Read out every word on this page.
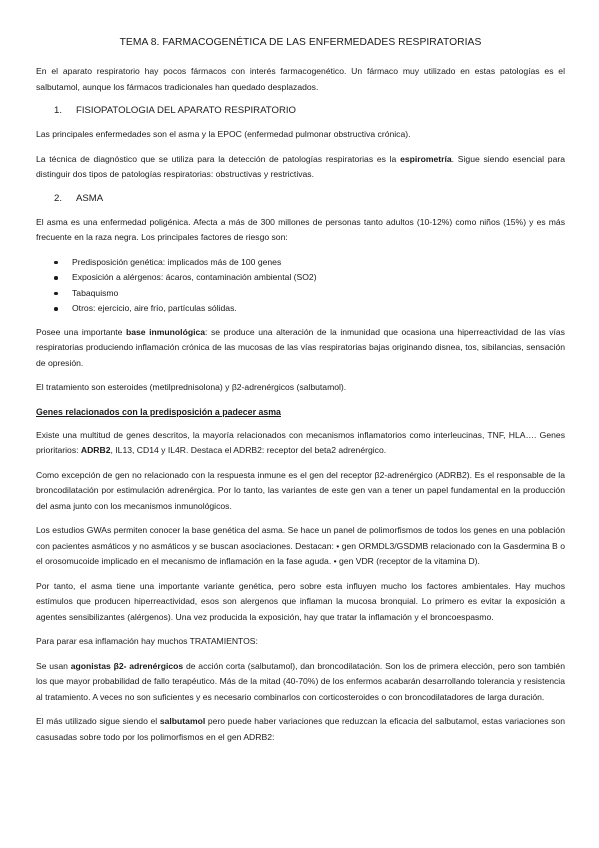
TEMA 8. FARMACOGENÉTICA DE LAS ENFERMEDADES RESPIRATORIAS

En el aparato respiratorio hay pocos fármacos con interés farmacogenético. Un fármaco muy utilizado en estas patologías es el salbutamol, aunque los fármacos tradicionales han quedado desplazados.

1.	FISIOPATOLOGIA DEL APARATO RESPIRATORIO

Las principales enfermedades son el asma y la EPOC (enfermedad pulmonar obstructiva crónica).

La técnica de diagnóstico que se utiliza para la detección de patologías respiratorias es la espirometría. Sigue siendo esencial para distinguir dos tipos de patologías respiratorias: obstructivas y restrictivas.

2.	ASMA

El asma es una enfermedad poligénica. Afecta a más de 300 millones de personas tanto adultos (10-12%) como niños (15%) y es más frecuente en la raza negra. Los principales factores de riesgo son:

Predisposición genética: implicados más de 100 genes
Exposición a alérgenos: ácaros, contaminación ambiental (SO2)
Tabaquismo
Otros: ejercicio, aire frío, partículas sólidas.

Posee una importante base inmunológica: se produce una alteración de la inmunidad que ocasiona una hiperreactividad de las vías respiratorias produciendo inflamación crónica de las mucosas de las vías respiratorias bajas originando disnea, tos, sibilancias, sensación de opresión.

El tratamiento son esteroides (metilprednisolona) y β2-adrenérgicos (salbutamol).

Genes relacionados con la predisposición a padecer asma

Existe una multitud de genes descritos, la mayoría relacionados con mecanismos inflamatorios como interleucinas, TNF, HLA…. Genes prioritarios: ADRB2, IL13, CD14 y IL4R. Destaca el ADRB2: receptor del beta2 adrenérgico.

Como excepción de gen no relacionado con la respuesta inmune es el gen del receptor β2-adrenérgico (ADRB2). Es el responsable de la broncodilatación por estimulación adrenérgica. Por lo tanto, las variantes de este gen van a tener un papel fundamental en la producción del asma junto con los mecanismos inmunológicos.

Los estudios GWAs permiten conocer la base genética del asma. Se hace un panel de polimorfismos de todos los genes en una población con pacientes asmáticos y no asmáticos y se buscan asociaciones. Destacan: • gen ORMDL3/GSDMB relacionado con la Gasdermina B o el orosomucoide implicado en el mecanismo de inflamación en la fase aguda. • gen VDR (receptor de la vitamina D).

Por tanto, el asma tiene una importante variante genética, pero sobre esta influyen mucho los factores ambientales. Hay muchos estímulos que producen hiperreactividad, esos son alergenos que inflaman la mucosa bronquial. Lo primero es evitar la exposición a agentes sensibilizantes (alérgenos). Una vez producida la exposición, hay que tratar la inflamación y el broncoespasmo.

Para parar esa inflamación hay muchos TRATAMIENTOS:

Se usan agonistas β2- adrenérgicos de acción corta (salbutamol), dan broncodilatación. Son los de primera elección, pero son también los que mayor probabilidad de fallo terapéutico. Más de la mitad (40-70%) de los enfermos acabarán desarrollando tolerancia y resistencia al tratamiento. A veces no son suficientes y es necesario combinarlos con corticosteroides o con broncodilatadores de larga duración.

El más utilizado sigue siendo el salbutamol pero puede haber variaciones que reduzcan la eficacia del salbutamol, estas variaciones son casusadas sobre todo por los polimorfismos en el gen ADRB2:
